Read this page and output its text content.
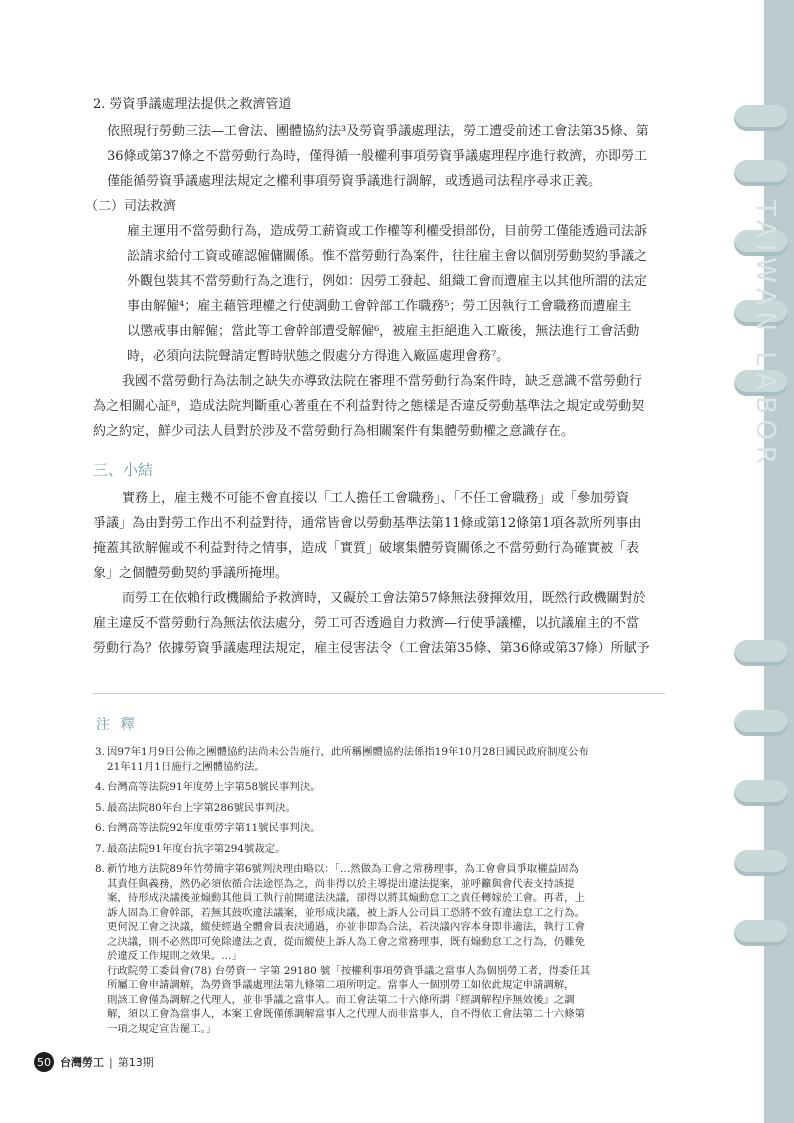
TAIWAN LABOR
2. 勞資爭議處理法提供之救濟管道
依照現行勞動三法—工會法、團體協約法³及勞資爭議處理法，勞工遭受前述工會法第35條、第
36條或第37條之不當勞動行為時，僅得循一般權利事項勞資爭議處理程序進行救濟，亦即勞工
僅能循勞資爭議處理法規定之權利事項勞資爭議進行調解，或透過司法程序尋求正義。
（二）司法救濟
雇主運用不當勞動行為，造成勞工薪資或工作權等利權受損部份，目前勞工僅能透過司法訴
訟請求給付工資或確認僱傭關係。惟不當勞動行為案件，往往雇主會以個別勞動契約爭議之
外觀包裝其不當勞動行為之進行，例如：因勞工發起、組織工會而遭雇主以其他所謂的法定
事由解僱⁴；雇主藉管理權之行使調動工會幹部工作職務⁵；勞工因執行工會職務而遭雇主
以懲戒事由解僱；當此等工會幹部遭受解僱⁶，被雇主拒絕進入工廠後，無法進行工會活動
時，必須向法院聲請定暫時狀態之假處分方得進入廠區處理會務⁷。
我國不當勞動行為法制之缺失亦導致法院在審理不當勞動行為案件時，缺乏意識不當勞動行
為之相關心証⁸，造成法院判斷重心著重在不利益對待之態樣是否違反勞動基準法之規定或勞動契
約之約定，鮮少司法人員對於涉及不當勞動行為相關案件有集體勞動權之意識存在。
三、小結
實務上，雇主幾不可能不會直接以「工人擔任工會職務」、「不任工會職務」或「參加勞資
爭議」為由對勞工作出不利益對待，通常皆會以勞動基準法第11條或第12條第1項各款所列事由
掩蓋其欲解僱或不利益對待之情事，造成「實質」破壞集體勞資關係之不當勞動行為確實被「表
象」之個體勞動契約爭議所掩埋。
而勞工在依賴行政機關給予救濟時，又礙於工會法第57條無法發揮效用，既然行政機關對於
雇主違反不當勞動行為無法依法處分，勞工可否透過自力救濟—行使爭議權，以抗議雇主的不當
勞動行為？依據勞資爭議處理法規定，雇主侵害法令（工會法第35條、第36條或第37條）所賦予
注 釋
3. 因97年1月9日公佈之團體協約法尚未公告施行，此所稱團體協約法係指19年10月28日國民政府制度公布
21年11月1日施行之團體協約法。
4. 台灣高等法院91年度勞上字第58號民事判決。
5. 最高法院80年台上字第286號民事判決。
6. 台灣高等法院92年度重勞字第11號民事判決。
7. 最高法院91年度台抗字第294號裁定。
8. 新竹地方法院89年竹勞簡字第6號判決理由略以：「…然做為工會之常務理事，為工會會員爭取權益固為
其責任與義務，然仍必須依循合法途徑為之，尚非得以於主導提出違法提案，並呼籲與會代表支持該提
案，待形成決議後並煽動其他員工執行前開違法決議，卻得以將其煽動怠工之責任轉嫁於工會。再者，上
訴人固為工會幹部，若無其鼓吹違法議案，並形成決議，被上訴人公司員工恐將不致有違法怠工之行為。
更何況工會之決議，縱使經過全體會員表決通過，亦並非即為合法，若決議內容本身即非適法，執行工會
之決議，則不必然即可免除違法之責，從而縱使上訴人為工會之常務理事，既有煽動怠工之行為，仍難免
於違反工作規則之效果。…」
行政院勞工委員會(78) 台勞資一 字第 29180 號「按權利事項勞資爭議之當事人為個別勞工者，得委任其
所屬工會申請調解，為勞資爭議處理法第九條第二項所明定。當事人一個別勞工如依此規定申請調解，
則該工會僅為調解之代理人，並非爭議之當事人。而工會法第二十六條所謂『經調解程序無效後』之調
解，須以工會為當事人，本案工會既僅係調解當事人之代理人而非當事人，自不得依工會法第二十六條第
一項之規定宣告罷工。」
50 台灣勞工 | 第13期
